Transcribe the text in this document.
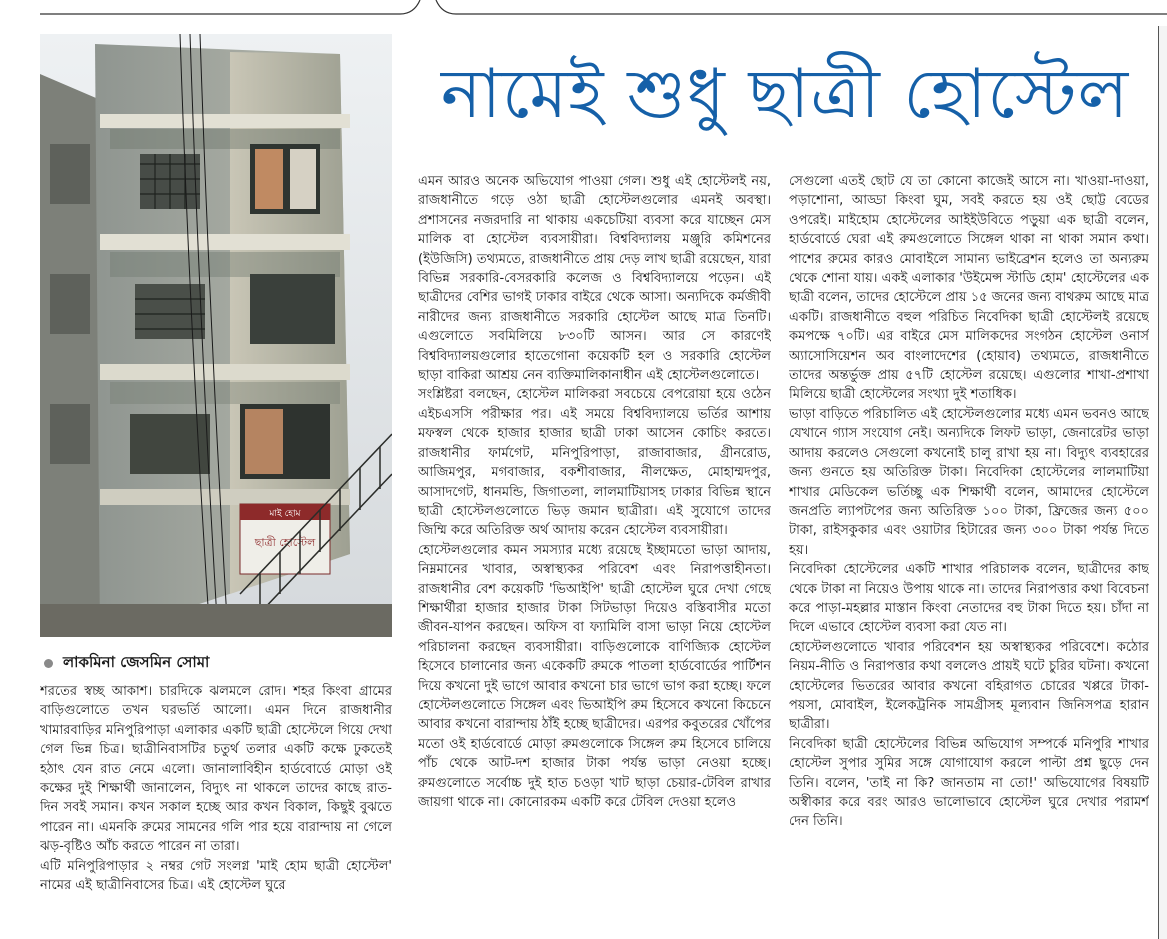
মাই হোম
ছাত্রী হোস্টেল
লাকমিনা জেসমিন সোমা
নামেই শুধু ছাত্রী হোস্টেল

শরতের স্বচ্ছ আকাশ। চারদিকে ঝলমলে রোদ। শহর কিংবা গ্রামের বাড়িগুলোতে তখন ঘরভর্তি আলো। এমন দিনে রাজধানীর খামারবাড়ির মনিপুরিপাড়া এলাকার একটি ছাত্রী হোস্টেলে গিয়ে দেখা গেল ভিন্ন চিত্র। ছাত্রীনিবাসটির চতুর্থ তলার একটি কক্ষে ঢুকতেই হঠাৎ যেন রাত নেমে এলো। জানালাবিহীন হার্ডবোর্ডে মোড়া ওই কক্ষের দুই শিক্ষার্থী জানালেন, বিদ্যুৎ না থাকলে তাদের কাছে রাত-দিন সবই সমান। কখন সকাল হচ্ছে আর কখন বিকাল, কিছুই বুঝতে পারেন না। এমনকি রুমের সামনের গলি পার হয়ে বারান্দায় না গেলে ঝড়-বৃষ্টিও আঁচ করতে পারেন না তারা।

এটি মনিপুরিপাড়ার ২ নম্বর গেট সংলগ্ন 'মাই হোম ছাত্রী হোস্টেল' নামের এই ছাত্রীনিবাসের চিত্র। এই হোস্টেল ঘুরে

এমন আরও অনেক অভিযোগ পাওয়া গেল। শুধু এই হোস্টেলই নয়, রাজধানীতে গড়ে ওঠা ছাত্রী হোস্টেলগুলোর এমনই অবস্থা। প্রশাসনের নজরদারি না থাকায় একচেটিয়া ব্যবসা করে যাচ্ছেন মেস মালিক বা হোস্টেল ব্যবসায়ীরা। বিশ্ববিদ্যালয় মঞ্জুরি কমিশনের (ইউজিসি) তথ্যমতে, রাজধানীতে প্রায় দেড় লাখ ছাত্রী রয়েছেন, যারা বিভিন্ন সরকারি-বেসরকারি কলেজ ও বিশ্ববিদ্যালয়ে পড়েন। এই ছাত্রীদের বেশির ভাগই ঢাকার বাইরে থেকে আসা। অন্যদিকে কর্মজীবী নারীদের জন্য রাজধানীতে সরকারি হোস্টেল আছে মাত্র তিনটি। এগুলোতে সবমিলিয়ে ৮৩০টি আসন। আর সে কারণেই বিশ্ববিদ্যালয়গুলোর হাতেগোনা কয়েকটি হল ও সরকারি হোস্টেল ছাড়া বাকিরা আশ্রয় নেন ব্যক্তিমালিকানাধীন এই হোস্টেলগুলোতে।

সংশ্লিষ্টরা বলছেন, হোস্টেল মালিকরা সবচেয়ে বেপরোয়া হয়ে ওঠেন এইচএসসি পরীক্ষার পর। এই সময়ে বিশ্ববিদ্যালয়ে ভর্তির আশায় মফস্বল থেকে হাজার হাজার ছাত্রী ঢাকা আসেন কোচিং করতে। রাজধানীর ফার্মগেট, মনিপুরিপাড়া, রাজাবাজার, গ্রীনরোড, আজিমপুর, মগবাজার, বকশীবাজার, নীলক্ষেত, মোহাম্মদপুর, আসাদগেট, ধানমন্ডি, জিগাতলা, লালমাটিয়াসহ ঢাকার বিভিন্ন স্থানে ছাত্রী হোস্টেলগুলোতে ভিড় জমান ছাত্রীরা। এই সুযোগে তাদের জিম্মি করে অতিরিক্ত অর্থ আদায় করেন হোস্টেল ব্যবসায়ীরা।

হোস্টেলগুলোর কমন সমস্যার মধ্যে রয়েছে ইচ্ছামতো ভাড়া আদায়, নিম্নমানের খাবার, অস্বাস্থ্যকর পরিবেশ এবং নিরাপত্তাহীনতা। রাজধানীর বেশ কয়েকটি 'ভিআইপি' ছাত্রী হোস্টেল ঘুরে দেখা গেছে শিক্ষার্থীরা হাজার হাজার টাকা সিটভাড়া দিয়েও বস্তিবাসীর মতো জীবন-যাপন করছেন। অফিস বা ফ্যামিলি বাসা ভাড়া নিয়ে হোস্টেল পরিচালনা করছেন ব্যবসায়ীরা। বাড়িগুলোকে বাণিজ্যিক হোস্টেল হিসেবে চালানোর জন্য একেকটি রুমকে পাতলা হার্ডবোর্ডের পার্টিশন দিয়ে কখনো দুই ভাগে আবার কখনো চার ভাগে ভাগ করা হচ্ছে। ফলে হোস্টেলগুলোতে সিঙ্গেল এবং ভিআইপি রুম হিসেবে কখনো কিচেনে আবার কখনো বারান্দায় ঠাঁই হচ্ছে ছাত্রীদের। এরপর কবুতরের খোঁপের মতো ওই হার্ডবোর্ডে মোড়া রুমগুলোকে সিঙ্গেল রুম হিসেবে চালিয়ে পাঁচ থেকে আট-দশ হাজার টাকা পর্যন্ত ভাড়া নেওয়া হচ্ছে। রুমগুলোতে সর্বোচ্চ দুই হাত চওড়া খাট ছাড়া চেয়ার-টেবিল রাখার জায়গা থাকে না। কোনোরকম একটি করে টেবিল দেওয়া হলেও

সেগুলো এতই ছোট যে তা কোনো কাজেই আসে না। খাওয়া-দাওয়া, পড়াশোনা, আড্ডা কিংবা ঘুম, সবই করতে হয় ওই ছোট্ট বেডের ওপরেই। মাইহোম হোস্টেলের আইইউবিতে পড়ুয়া এক ছাত্রী বলেন, হার্ডবোর্ডে ঘেরা এই রুমগুলোতে সিঙ্গেল থাকা না থাকা সমান কথা। পাশের রুমের কারও মোবাইলে সামান্য ভাইব্রেশন হলেও তা অন্যরুম থেকে শোনা যায়। একই এলাকার 'উইমেন্স স্টাডি হোম' হোস্টেলের এক ছাত্রী বলেন, তাদের হোস্টেলে প্রায় ১৫ জনের জন্য বাথরুম আছে মাত্র একটি। রাজধানীতে বহুল পরিচিত নিবেদিকা ছাত্রী হোস্টেলই রয়েছে কমপক্ষে ৭০টি। এর বাইরে মেস মালিকদের সংগঠন হোস্টেল ওনার্স অ্যাসোসিয়েশন অব বাংলাদেশের (হোয়াব) তথ্যমতে, রাজধানীতে তাদের অন্তর্ভুক্ত প্রায় ৫৭টি হোস্টেল রয়েছে। এগুলোর শাখা-প্রশাখা মিলিয়ে ছাত্রী হোস্টেলের সংখ্যা দুই শতাধিক।

ভাড়া বাড়িতে পরিচালিত এই হোস্টেলগুলোর মধ্যে এমন ভবনও আছে যেখানে গ্যাস সংযোগ নেই। অন্যদিকে লিফট ভাড়া, জেনারেটর ভাড়া আদায় করলেও সেগুলো কখনোই চালু রাখা হয় না। বিদ্যুৎ ব্যবহারের জন্য গুনতে হয় অতিরিক্ত টাকা। নিবেদিকা হোস্টেলের লালমাটিয়া শাখার মেডিকেল ভর্তিচ্ছু এক শিক্ষার্থী বলেন, আমাদের হোস্টেলে জনপ্রতি ল্যাপটপের জন্য অতিরিক্ত ১০০ টাকা, ফ্রিজের জন্য ৫০০ টাকা, রাইসকুকার এবং ওয়াটার হিটারের জন্য ৩০০ টাকা পর্যন্ত দিতে হয়।

নিবেদিকা হোস্টেলের একটি শাখার পরিচালক বলেন, ছাত্রীদের কাছ থেকে টাকা না নিয়েও উপায় থাকে না। তাদের নিরাপত্তার কথা বিবেচনা করে পাড়া-মহল্লার মাস্তান কিংবা নেতাদের বহু টাকা দিতে হয়। চাঁদা না দিলে এভাবে হোস্টেল ব্যবসা করা যেত না।

হোস্টেলগুলোতে খাবার পরিবেশন হয় অস্বাস্থ্যকর পরিবেশে। কঠোর নিয়ম-নীতি ও নিরাপত্তার কথা বললেও প্রায়ই ঘটে চুরির ঘটনা। কখনো হোস্টেলের ভিতরের আবার কখনো বহিরাগত চোরের খপ্পরে টাকা-পয়সা, মোবাইল, ইলেকট্রনিক সামগ্রীসহ মূল্যবান জিনিসপত্র হারান ছাত্রীরা।

নিবেদিকা ছাত্রী হোস্টেলের বিভিন্ন অভিযোগ সম্পর্কে মনিপুরি শাখার হোস্টেল সুপার সুমির সঙ্গে যোগাযোগ করলে পাল্টা প্রশ্ন ছুড়ে দেন তিনি। বলেন, 'তাই না কি? জানতাম না তো!' অভিযোগের বিষয়টি অস্বীকার করে বরং আরও ভালোভাবে হোস্টেল ঘুরে দেখার পরামর্শ দেন তিনি।
